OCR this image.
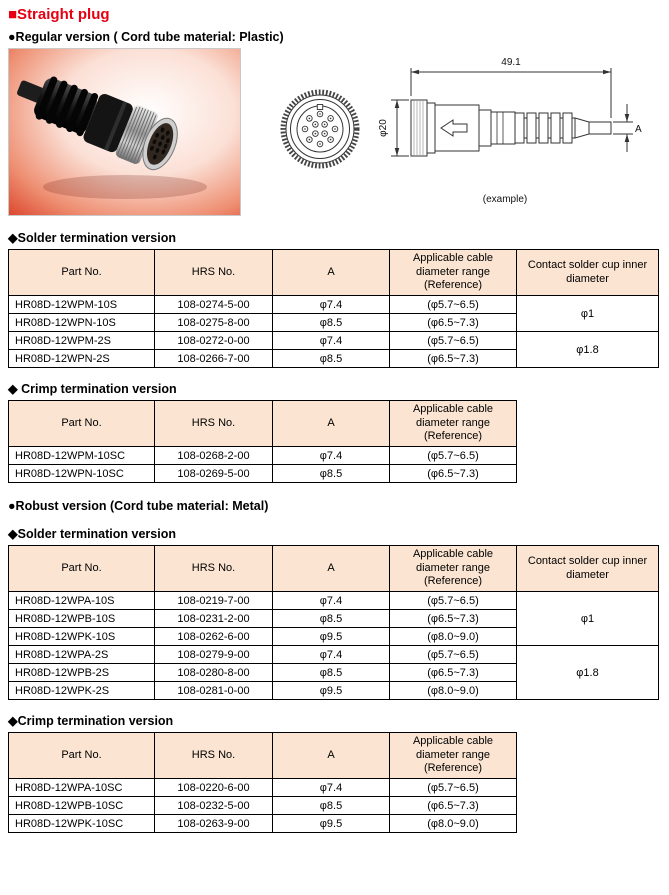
■Straight plug
●Regular version ( Cord tube material: Plastic)
49.1
φ20	A
(example)
◆Solder termination version
Part No.	HRS No.	A	Applicable cable diameter range (Reference)	Contact solder cup inner diameter
HR08D-12WPM-10S	108-0274-5-00	φ7.4	(φ5.7~6.5)	φ1
HR08D-12WPN-10S	108-0275-8-00	φ8.5	(φ6.5~7.3)	
HR08D-12WPM-2S	108-0272-0-00	φ7.4	(φ5.7~6.5)	φ1.8
HR08D-12WPN-2S	108-0266-7-00	φ8.5	(φ6.5~7.3)	
◆ Crimp termination version
Part No.	HRS No.	A	Applicable cable diameter range (Reference)
HR08D-12WPM-10SC	108-0268-2-00	φ7.4	(φ5.7~6.5)
HR08D-12WPN-10SC	108-0269-5-00	φ8.5	(φ6.5~7.3)
●Robust version (Cord tube material: Metal)
◆Solder termination version
Part No.	HRS No.	A	Applicable cable diameter range (Reference)	Contact solder cup inner diameter
HR08D-12WPA-10S	108-0219-7-00	φ7.4	(φ5.7~6.5)	φ1
HR08D-12WPB-10S	108-0231-2-00	φ8.5	(φ6.5~7.3)	
HR08D-12WPK-10S	108-0262-6-00	φ9.5	(φ8.0~9.0)	
HR08D-12WPA-2S	108-0279-9-00	φ7.4	(φ5.7~6.5)	φ1.8
HR08D-12WPB-2S	108-0280-8-00	φ8.5	(φ6.5~7.3)	
HR08D-12WPK-2S	108-0281-0-00	φ9.5	(φ8.0~9.0)	
◆Crimp termination version
Part No.	HRS No.	A	Applicable cable diameter range (Reference)
HR08D-12WPA-10SC	108-0220-6-00	φ7.4	(φ5.7~6.5)
HR08D-12WPB-10SC	108-0232-5-00	φ8.5	(φ6.5~7.3)
HR08D-12WPK-10SC	108-0263-9-00	φ9.5	(φ8.0~9.0)
